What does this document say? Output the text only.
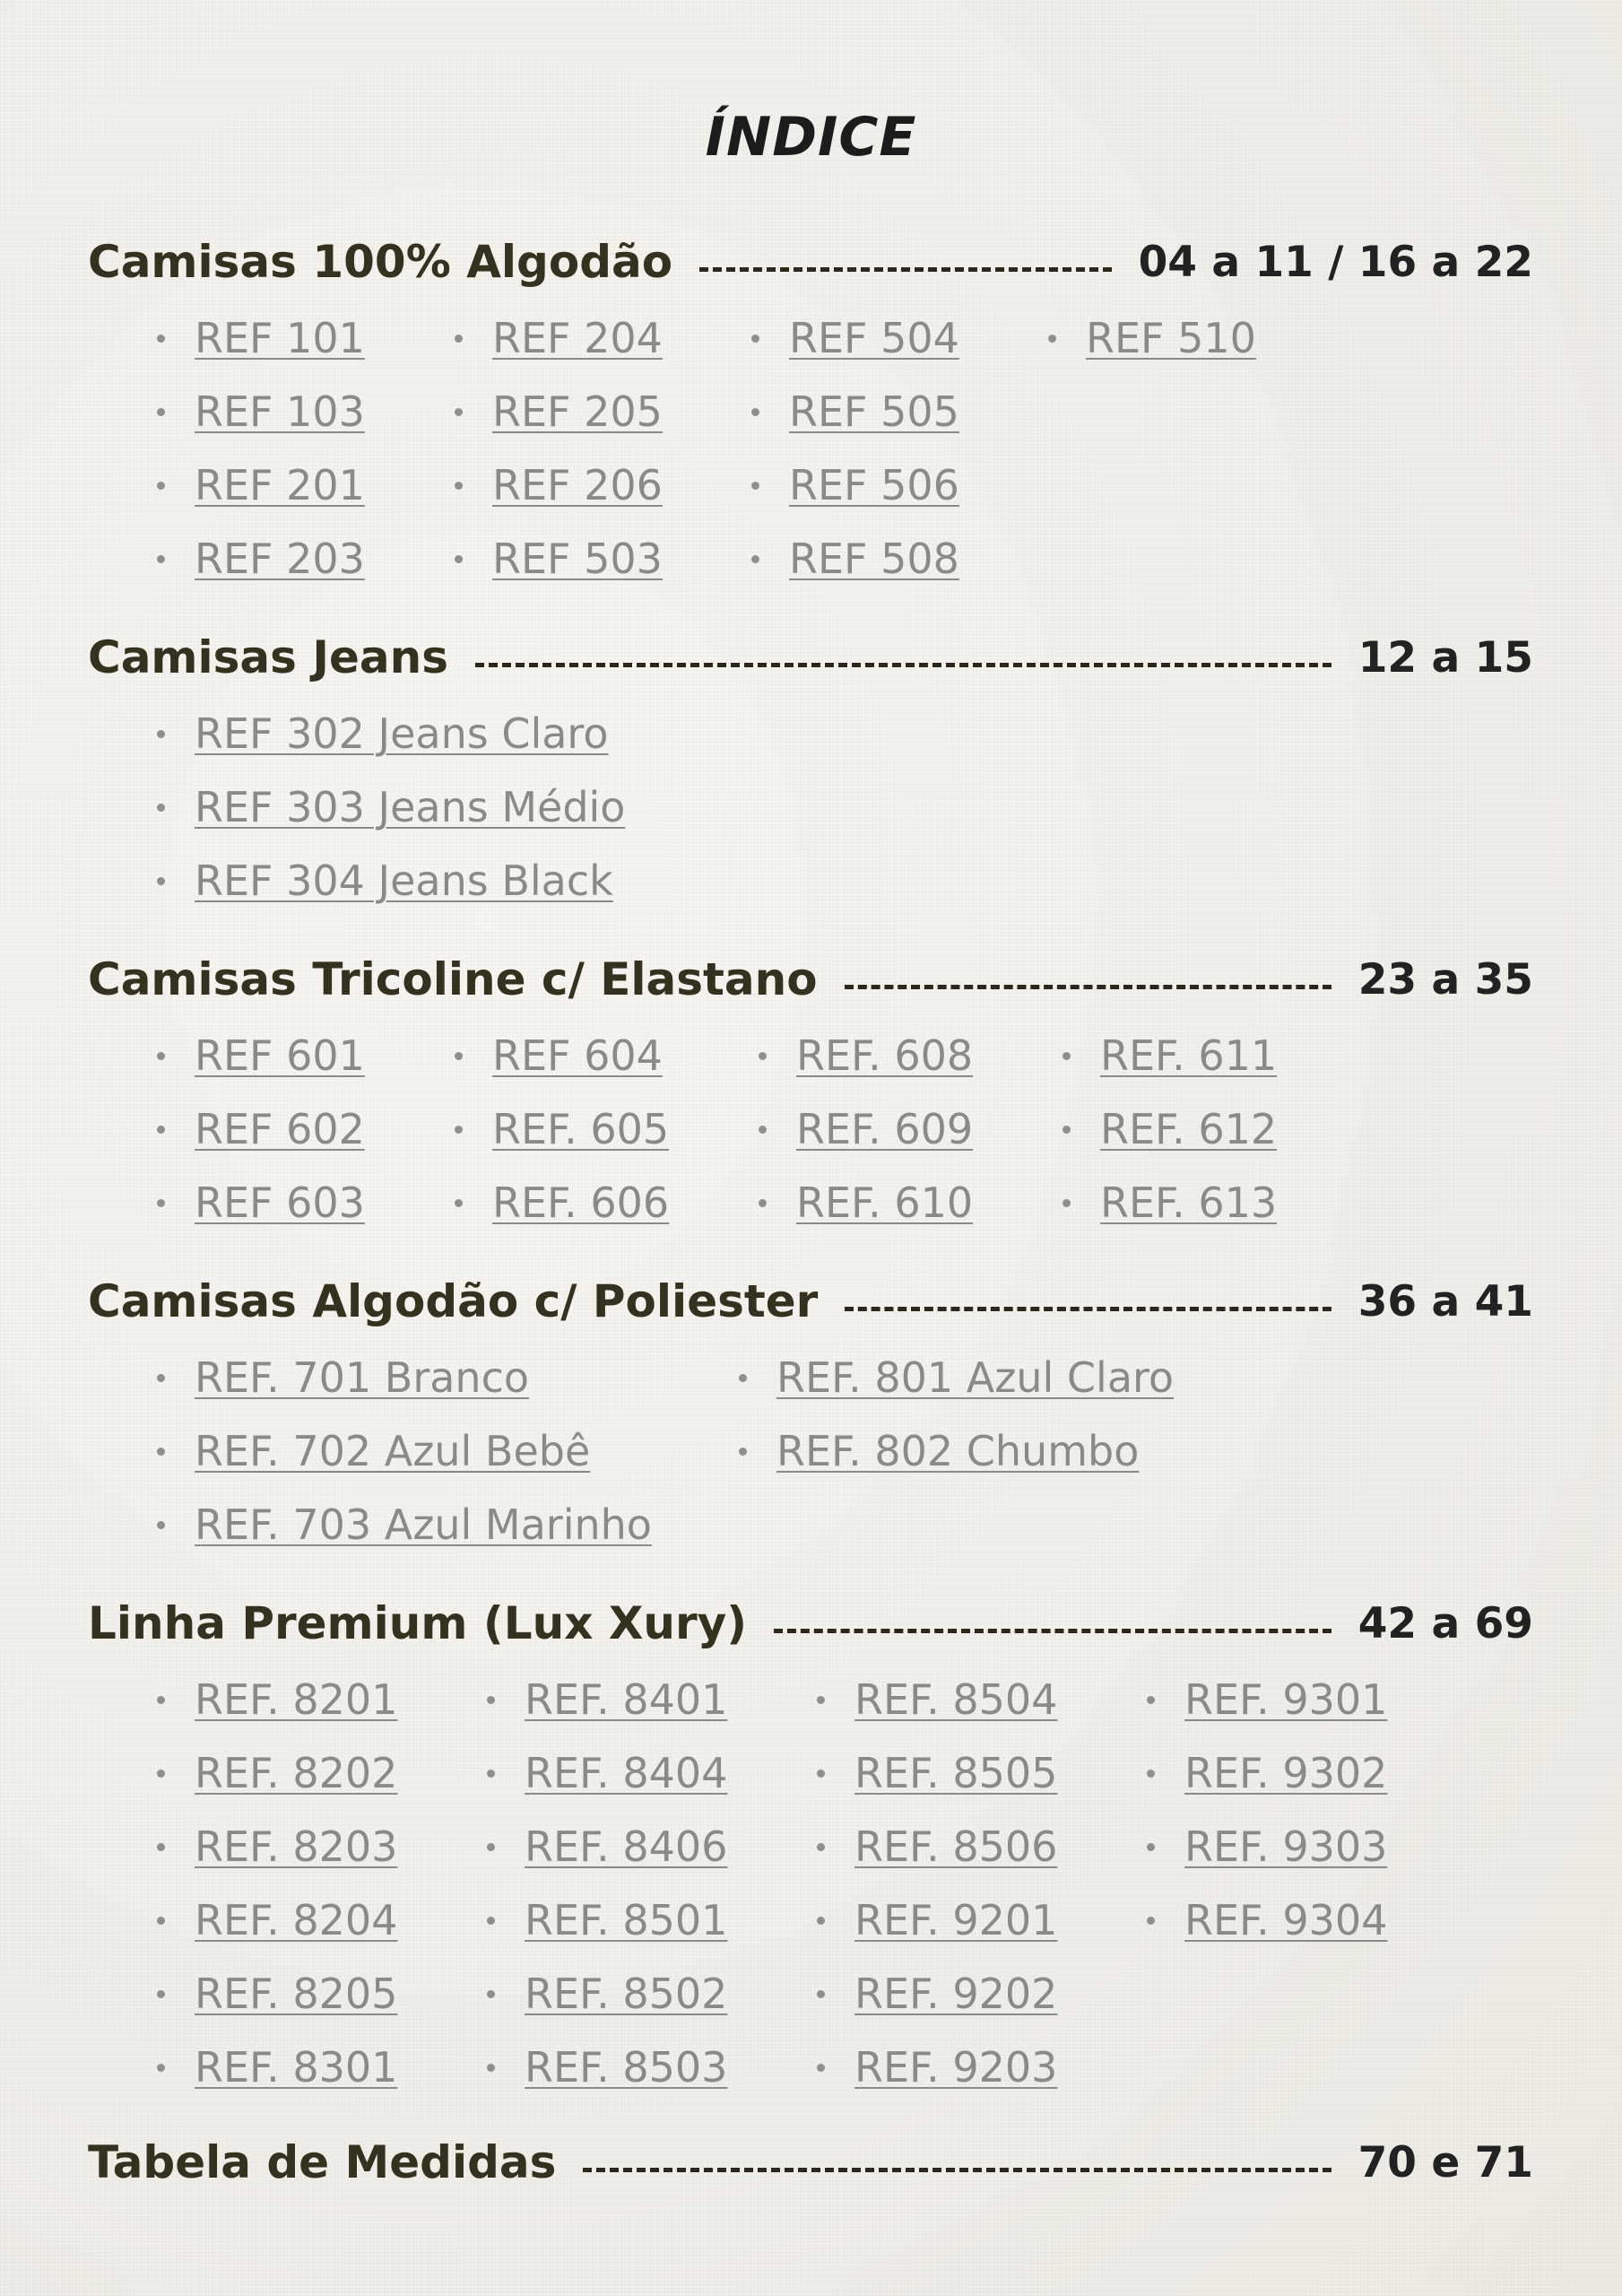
ÍNDICE
Camisas 100% Algodão	04 a 11 / 16 a 22
REF 101
REF 103
REF 201
REF 203
REF 204
REF 205
REF 206
REF 503
REF 504
REF 505
REF 506
REF 508
REF 510
Camisas Jeans	12 a 15
REF 302 Jeans Claro
REF 303 Jeans Médio
REF 304 Jeans Black
Camisas Tricoline c/ Elastano	23 a 35
REF 601
REF 602
REF 603
REF 604
REF. 605
REF. 606
REF. 608
REF. 609
REF. 610
REF. 611
REF. 612
REF. 613
Camisas Algodão c/ Poliester	36 a 41
REF. 701 Branco
REF. 702 Azul Bebê
REF. 703 Azul Marinho
REF. 801 Azul Claro
REF. 802 Chumbo
Linha Premium (Lux Xury)	42 a 69
REF. 8201
REF. 8202
REF. 8203
REF. 8204
REF. 8205
REF. 8301
REF. 8401
REF. 8404
REF. 8406
REF. 8501
REF. 8502
REF. 8503
REF. 8504
REF. 8505
REF. 8506
REF. 9201
REF. 9202
REF. 9203
REF. 9301
REF. 9302
REF. 9303
REF. 9304
Tabela de Medidas	70 e 71
